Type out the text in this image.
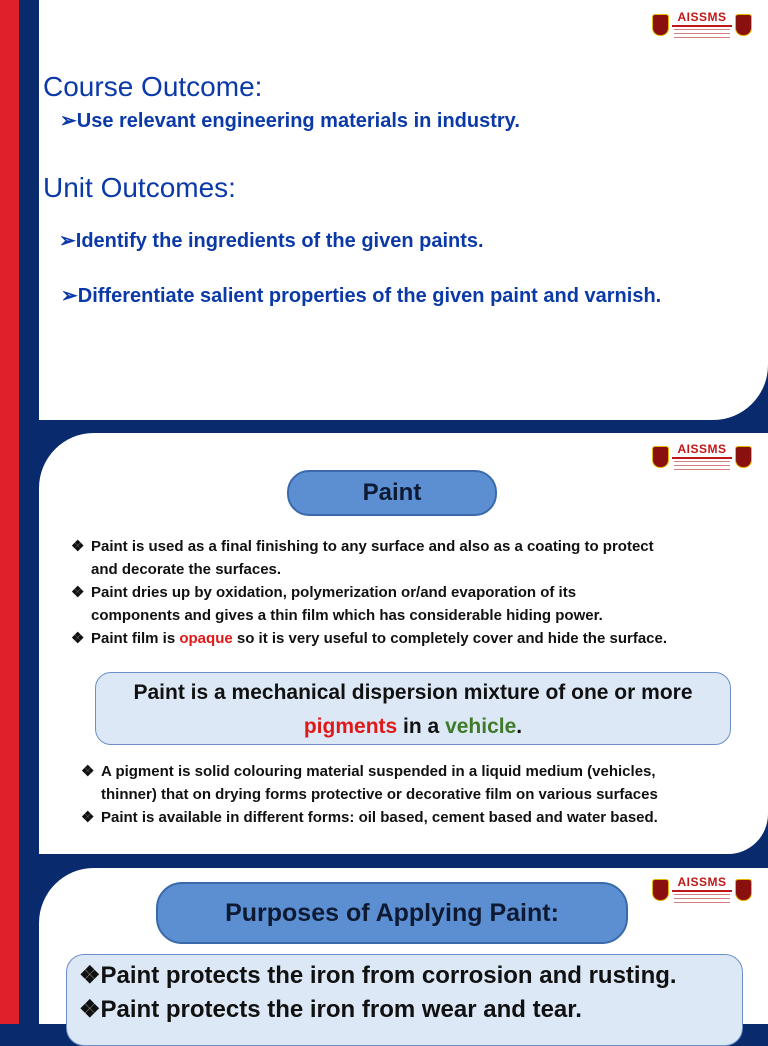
AISSMS
Course Outcome:
➢Use relevant engineering materials in industry.
Unit Outcomes:
➢Identify the ingredients of the given paints.
➢Differentiate salient properties of the given paint and varnish.
AISSMS
Paint
❖ Paint is used as a final finishing to any surface and also as a coating to protect
and decorate the surfaces.
❖ Paint dries up by oxidation, polymerization or/and evaporation of its
components and gives a thin film which has considerable hiding power.
❖ Paint film is opaque so it is very useful to completely cover and hide the surface.
Paint is a mechanical dispersion mixture of one or more
pigments in a vehicle.
❖ A pigment is solid colouring material suspended in a liquid medium (vehicles,
thinner) that on drying forms protective or decorative film on various surfaces
❖ Paint is available in different forms: oil based, cement based and water based.
AISSMS
Purposes of Applying Paint:
❖Paint protects the iron from corrosion and rusting.
❖Paint protects the iron from wear and tear.
